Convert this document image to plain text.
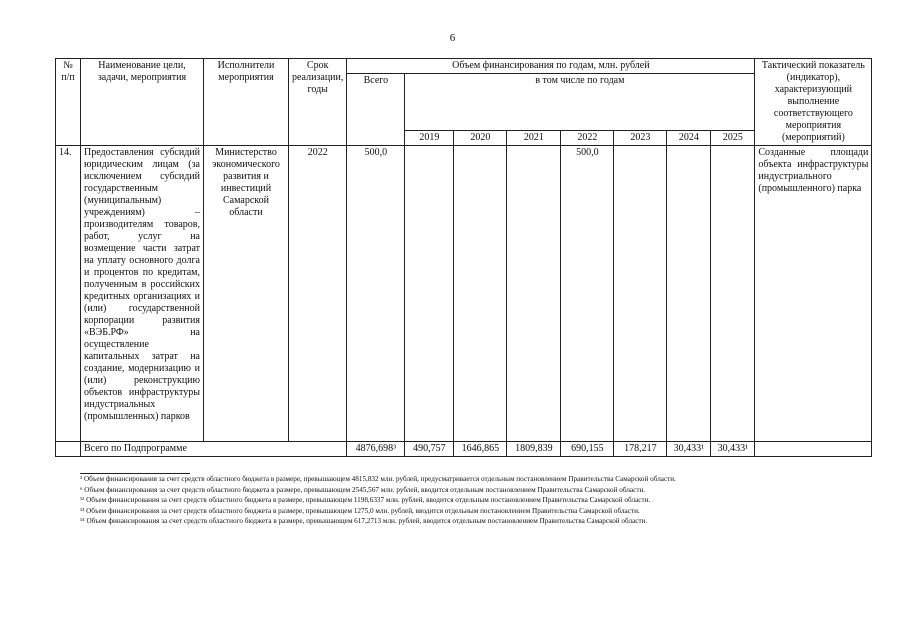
6
№ п/п	Наименование цели, задачи, мероприятия	Исполнители мероприятия	Срок реализации, годы	Объем финансирования по годам, млн. рублей								Тактический показатель (индикатор), характеризующий выполнение соответствующего мероприятия (мероприятий)
				Всего	в том числе по годам							
					2019	2020	2021	2022	2023	2024	2025	
14.	Предоставления субсидий юридическим лицам (за исключением субсидий государственным (муниципальным) учреждениям) – производителям товаров, работ, услуг на возмещение части затрат на уплату основного долга и процентов по кредитам, полученным в российских кредитных организациях и (или) государственной корпорации развития «ВЭБ.РФ» на осуществление капитальных затрат на создание, модернизацию и (или) реконструкцию объектов инфраструктуры индустриальных (промышленных) парков	Министерство экономического развития и инвестиций Самарской области	2022	500,0				500,0				Созданные площади объекта инфраструктуры индустриального (промышленного) парка
	Всего по Подпрограмме			4876,698³	490,757	1646,865	1809,839	690,155	178,217	30,433¹	30,433¹	
³ Объем финансирования за счет средств областного бюджета в размере, превышающем 4815,832 млн. рублей, предусматривается отдельным постановлением Правительства Самарской области.
⁶ Объем финансирования за счет средств областного бюджета в размере, превышающем 2545,567 млн. рублей, вводится отдельным постановлением Правительства Самарской области.
¹² Объем финансирования за счет средств областного бюджета в размере, превышающем 1198,6337 млн. рублей, вводится отдельным постановлением Правительства Самарской области.
¹³ Объем финансирования за счет средств областного бюджета в размере, превышающем 1275,0 млн. рублей, вводится отдельным постановлением Правительства Самарской области.
¹⁴ Объем финансирования за счет средств областного бюджета в размере, превышающем 617,2713 млн. рублей, вводится отдельным постановлением Правительства Самарской области.
